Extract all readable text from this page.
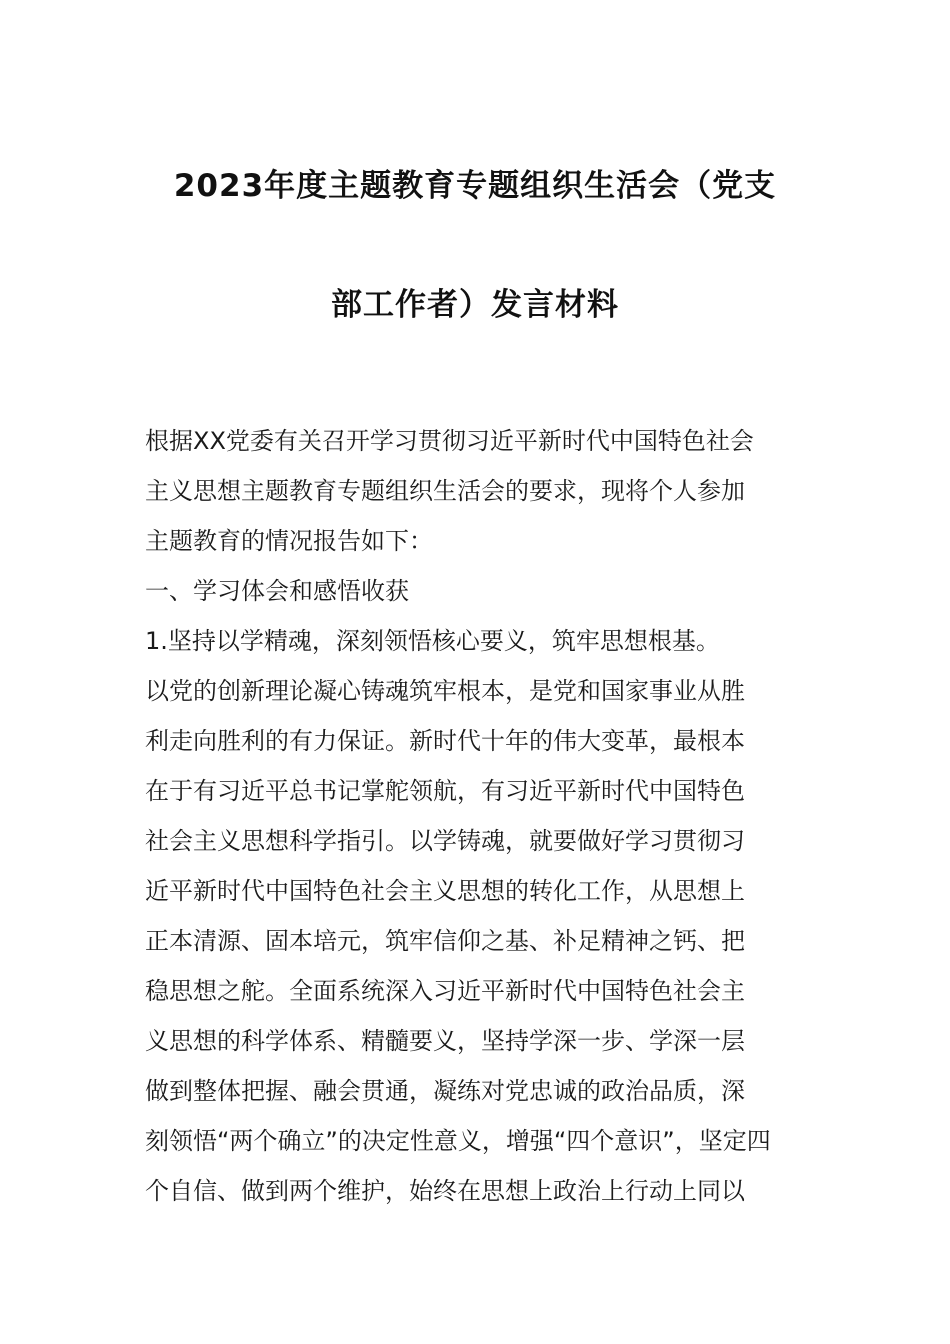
2023年度主题教育专题组织生活会（党支
部工作者）发言材料
根据XX党委有关召开学习贯彻习近平新时代中国特色社会
主义思想主题教育专题组织生活会的要求，现将个人参加
主题教育的情况报告如下：
一、学习体会和感悟收获
1.坚持以学精魂，深刻领悟核心要义，筑牢思想根基。
以党的创新理论凝心铸魂筑牢根本，是党和国家事业从胜
利走向胜利的有力保证。新时代十年的伟大变革，最根本
在于有习近平总书记掌舵领航，有习近平新时代中国特色
社会主义思想科学指引。以学铸魂，就要做好学习贯彻习
近平新时代中国特色社会主义思想的转化工作，从思想上
正本清源、固本培元，筑牢信仰之基、补足精神之钙、把
稳思想之舵。全面系统深入习近平新时代中国特色社会主
义思想的科学体系、精髓要义，坚持学深一步、学深一层
做到整体把握、融会贯通，凝练对党忠诚的政治品质，深
刻领悟“两个确立”的决定性意义，增强“四个意识”，坚定四
个自信、做到两个维护，始终在思想上政治上行动上同以
